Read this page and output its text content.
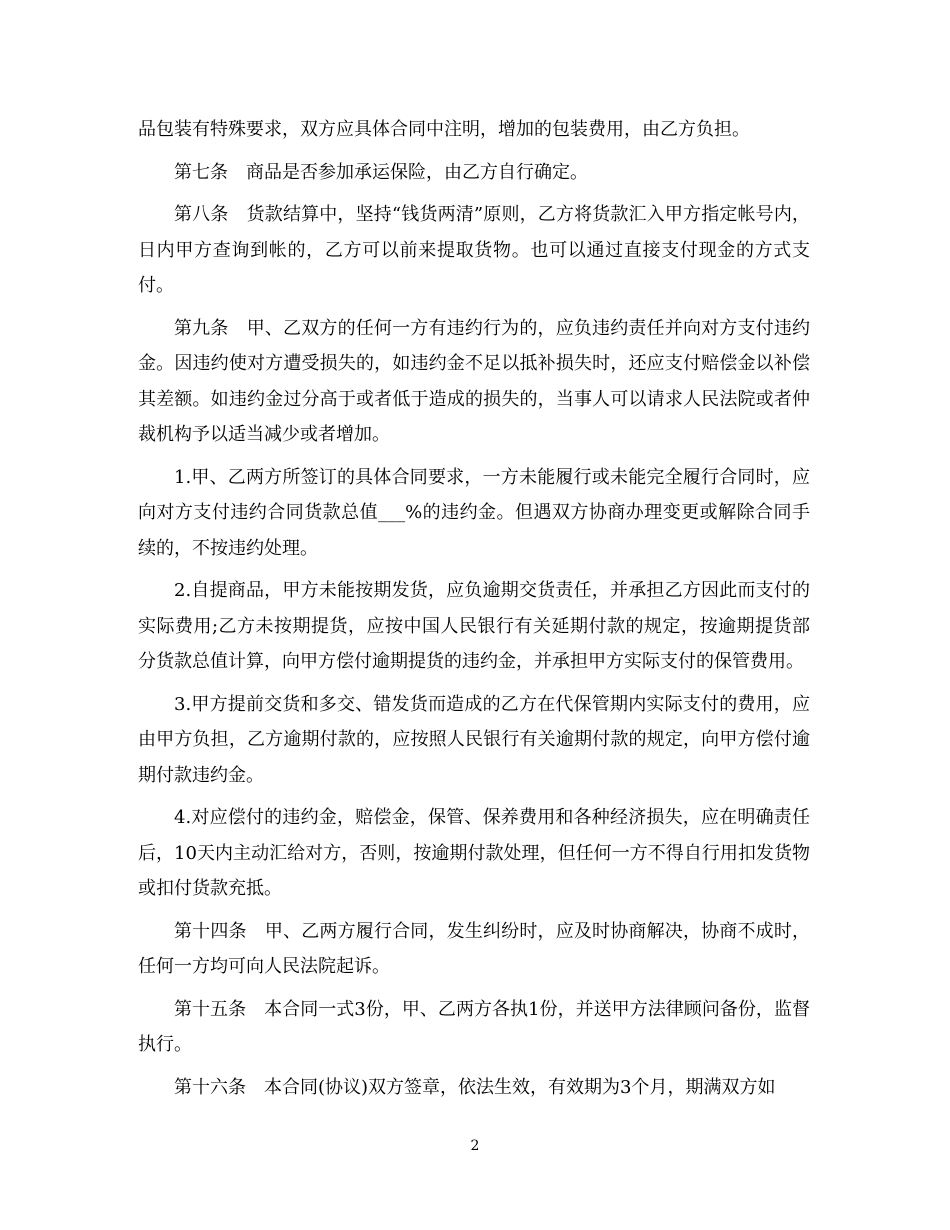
品包装有特殊要求，双方应具体合同中注明，增加的包装费用，由乙方负担。

第七条　商品是否参加承运保险，由乙方自行确定。

第八条　货款结算中，坚持“钱货两清”原则，乙方将货款汇入甲方指定帐号内， 日内甲方查询到帐的，乙方可以前来提取货物。也可以通过直接支付现金的方式支付。

第九条　甲、乙双方的任何一方有违约行为的，应负违约责任并向对方支付违约金。因违约使对方遭受损失的，如违约金不足以抵补损失时，还应支付赔偿金以补偿其差额。如违约金过分高于或者低于造成的损失的，当事人可以请求人民法院或者仲裁机构予以适当减少或者增加。

1.甲、乙两方所签订的具体合同要求，一方未能履行或未能完全履行合同时，应向对方支付违约合同货款总值___%的违约金。但遇双方协商办理变更或解除合同手续的，不按违约处理。

2.自提商品，甲方未能按期发货，应负逾期交货责任，并承担乙方因此而支付的实际费用;乙方未按期提货，应按中国人民银行有关延期付款的规定，按逾期提货部分货款总值计算，向甲方偿付逾期提货的违约金，并承担甲方实际支付的保管费用。

3.甲方提前交货和多交、错发货而造成的乙方在代保管期内实际支付的费用，应由甲方负担，乙方逾期付款的，应按照人民银行有关逾期付款的规定，向甲方偿付逾期付款违约金。

4.对应偿付的违约金，赔偿金，保管、保养费用和各种经济损失，应在明确责任后，10天内主动汇给对方，否则，按逾期付款处理，但任何一方不得自行用扣发货物或扣付货款充抵。

第十四条　甲、乙两方履行合同，发生纠纷时，应及时协商解决，协商不成时，任何一方均可向人民法院起诉。

第十五条　本合同一式3份，甲、乙两方各执1份，并送甲方法律顾问备份，监督执行。

第十六条　本合同(协议)双方签章，依法生效，有效期为3个月，期满双方如

2
